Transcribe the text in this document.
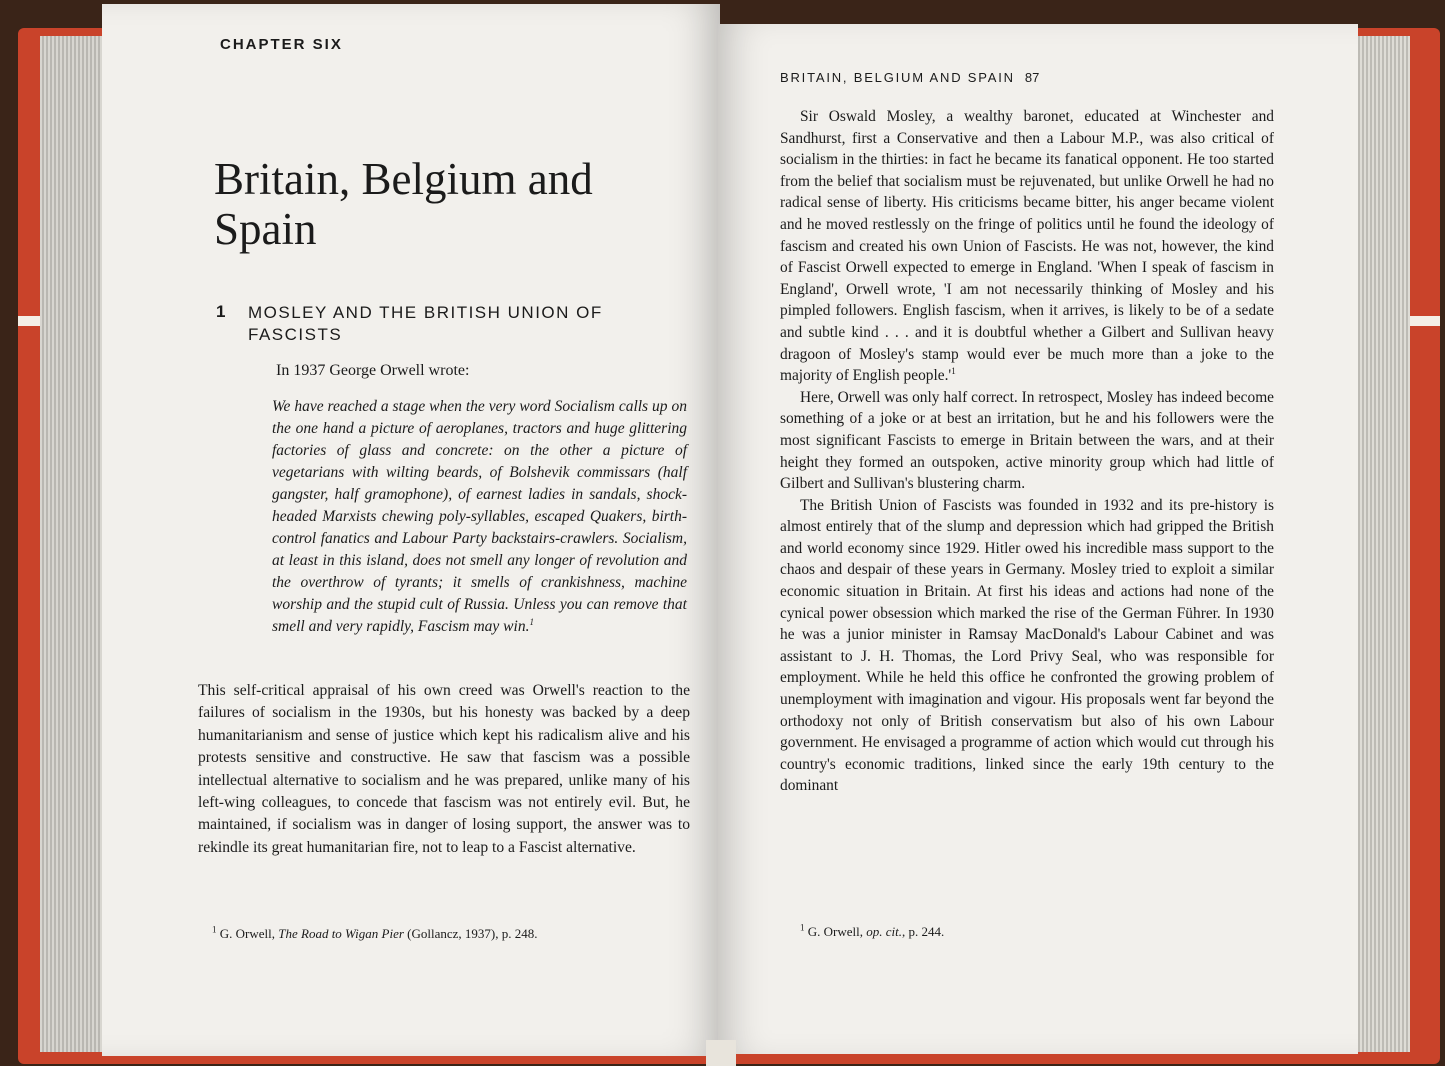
CHAPTER SIX
Britain, Belgium and Spain
1 MOSLEY AND THE BRITISH UNION OF FASCISTS
In 1937 George Orwell wrote:

We have reached a stage when the very word Socialism calls up on the one hand a picture of aeroplanes, tractors and huge glittering factories of glass and concrete: on the other a picture of vegetarians with wilting beards, of Bolshevik commissars (half gangster, half gramophone), of earnest ladies in sandals, shock-headed Marxists chewing poly-syllables, escaped Quakers, birth-control fanatics and Labour Party backstairs-crawlers. Socialism, at least in this island, does not smell any longer of revolution and the overthrow of tyrants; it smells of crankishness, machine worship and the stupid cult of Russia. Unless you can remove that smell and very rapidly, Fascism may win.$^1$

This self-critical appraisal of his own creed was Orwell's reaction to the failures of socialism in the 1930s, but his honesty was backed by a deep humanitarianism and sense of justice which kept his radicalism alive and his protests sensitive and constructive. He saw that fascism was a possible intellectual alternative to socialism and he was prepared, unlike many of his left-wing colleagues, to concede that fascism was not entirely evil. But, he maintained, if socialism was in danger of losing support, the answer was to rekindle its great humanitarian fire, not to leap to a Fascist alternative.

$^1$ G. Orwell, The Road to Wigan Pier (Gollancz, 1937), p. 248.
BRITAIN, BELGIUM AND SPAIN 87

Sir Oswald Mosley, a wealthy baronet, educated at Winchester and Sandhurst, first a Conservative and then a Labour M.P., was also critical of socialism in the thirties: in fact he became its fanatical opponent. He too started from the belief that socialism must be rejuvenated, but unlike Orwell he had no radical sense of liberty. His criticisms became bitter, his anger became violent and he moved restlessly on the fringe of politics until he found the ideology of fascism and created his own Union of Fascists. He was not, however, the kind of Fascist Orwell expected to emerge in England. 'When I speak of fascism in England', Orwell wrote, 'I am not necessarily thinking of Mosley and his pimpled followers. English fascism, when it arrives, is likely to be of a sedate and subtle kind . . . and it is doubtful whether a Gilbert and Sullivan heavy dragoon of Mosley's stamp would ever be much more than a joke to the majority of English $people.'^1$

Here, Orwell was only half correct. In retrospect, Mosley has indeed become something of a joke or at best an irritation, but he and his followers were the most significant Fascists to emerge in Britain between the wars, and at their height they formed an outspoken, active minority group which had little of Gilbert and Sullivan's blustering charm.

The British Union of Fascists was founded in 1932 and its pre-history is almost entirely that of the slump and depression which had gripped the British and world economy since 1929. Hitler owed his incredible mass support to the chaos and despair of these years in Germany. Mosley tried to exploit a similar economic situation in Britain. At first his ideas and actions had none of the cynical power obsession which marked the rise of the German Führer. In 1930 he was a junior minister in Ramsay MacDonald's Labour Cabinet and was assistant to J. H. Thomas, the Lord Privy Seal, who was responsible for employment. While he held this office he confronted the growing problem of unemployment with imagination and vigour. His proposals went far beyond the orthodoxy not only of British conservatism but also of his own Labour government. He envisaged a programme of action which would cut through his country's economic traditions, linked since the early 19th century to the dominant

$^1$ G. Orwell, op. cit., p. 244.
